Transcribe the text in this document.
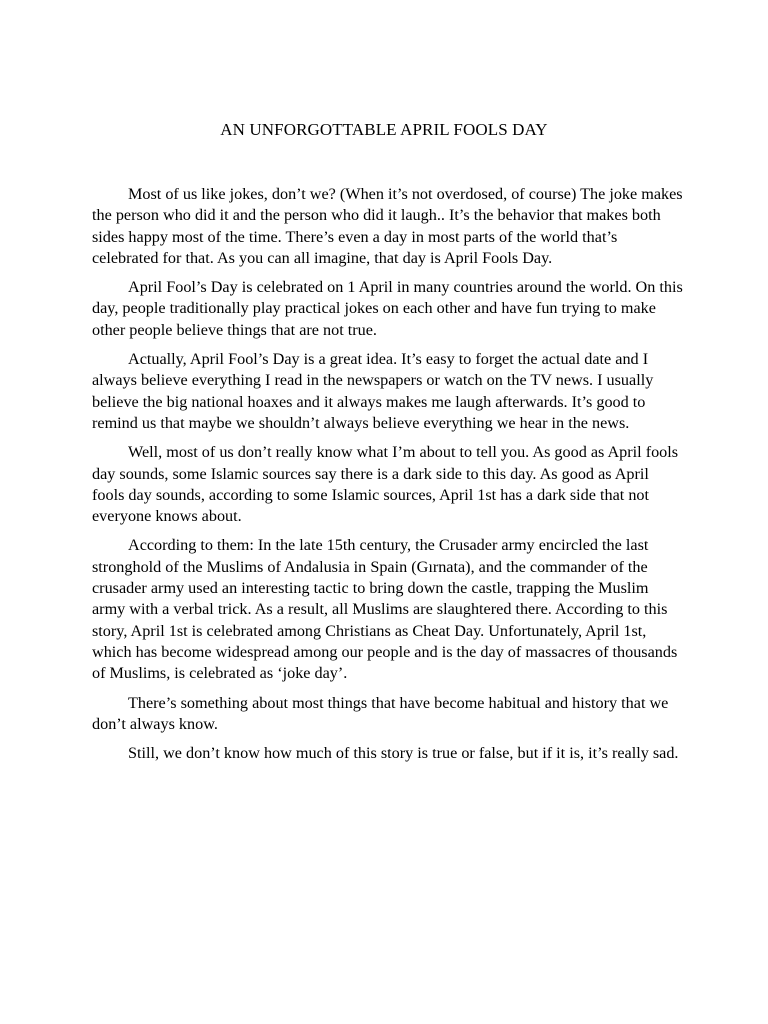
AN UNFORGOTTABLE APRIL FOOLS DAY

Most of us like jokes, don’t we? (When it’s not overdosed, of course) The joke makes the person who did it and the person who did it laugh.. It’s the behavior that makes both sides happy most of the time. There’s even a day in most parts of the world that’s celebrated for that. As you can all imagine, that day is April Fools Day.

April Fool’s Day is celebrated on 1 April in many countries around the world. On this day, people traditionally play practical jokes on each other and have fun trying to make other people believe things that are not true.

Actually, April Fool’s Day is a great idea. It’s easy to forget the actual date and I always believe everything I read in the newspapers or watch on the TV news. I usually believe the big national hoaxes and it always makes me laugh afterwards. It’s good to remind us that maybe we shouldn’t always believe everything we hear in the news.

Well, most of us don’t really know what I’m about to tell you. As good as April fools day sounds, some Islamic sources say there is a dark side to this day. As good as April fools day sounds, according to some Islamic sources, April 1st has a dark side that not everyone knows about.

According to them: In the late 15th century, the Crusader army encircled the last stronghold of the Muslims of Andalusia in Spain (Gırnata), and the commander of the crusader army used an interesting tactic to bring down the castle, trapping the Muslim army with a verbal trick. As a result, all Muslims are slaughtered there. According to this story, April 1st is celebrated among Christians as Cheat Day. Unfortunately, April 1st, which has become widespread among our people and is the day of massacres of thousands of Muslims, is celebrated as ‘joke day’.

There’s something about most things that have become habitual and history that we don’t always know.

Still, we don’t know how much of this story is true or false, but if it is, it’s really sad.
